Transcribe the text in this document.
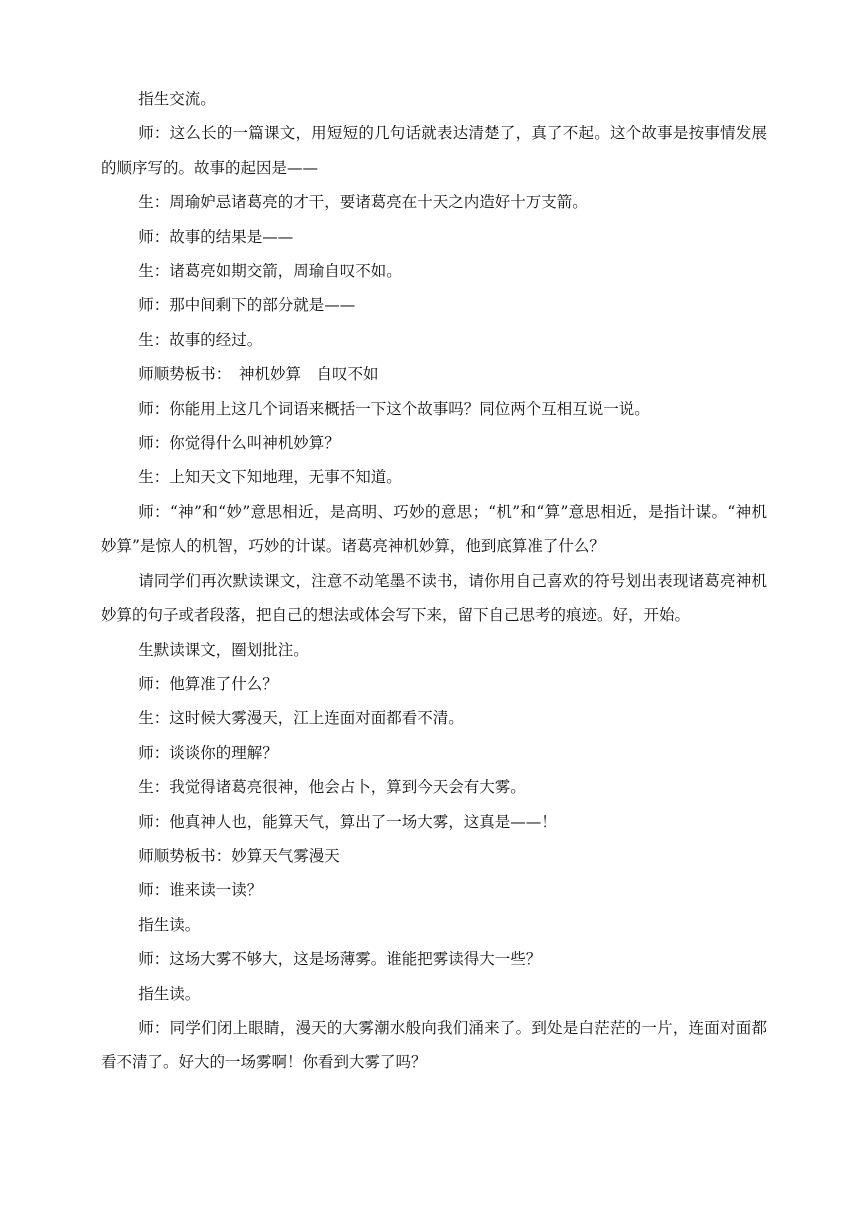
指生交流。

师：这么长的一篇课文，用短短的几句话就表达清楚了，真了不起。这个故事是按事情发展的顺序写的。故事的起因是——

生：周瑜妒忌诸葛亮的才干，要诸葛亮在十天之内造好十万支箭。

师：故事的结果是——

生：诸葛亮如期交箭，周瑜自叹不如。

师：那中间剩下的部分就是——

生：故事的经过。

师顺势板书：　神机妙算　自叹不如

师：你能用上这几个词语来概括一下这个故事吗？同位两个互相互说一说。

师：你觉得什么叫神机妙算？

生：上知天文下知地理，无事不知道。

师：“神”和“妙”意思相近，是高明、巧妙的意思；“机”和“算”意思相近，是指计谋。“神机妙算”是惊人的机智，巧妙的计谋。诸葛亮神机妙算，他到底算准了什么？

请同学们再次默读课文，注意不动笔墨不读书，请你用自己喜欢的符号划出表现诸葛亮神机妙算的句子或者段落，把自己的想法或体会写下来，留下自己思考的痕迹。好，开始。

生默读课文，圈划批注。

师：他算准了什么？

生：这时候大雾漫天，江上连面对面都看不清。

师：谈谈你的理解？

生：我觉得诸葛亮很神，他会占卜，算到今天会有大雾。

师：他真神人也，能算天气，算出了一场大雾，这真是——！

师顺势板书：妙算天气雾漫天

师：谁来读一读？

指生读。

师：这场大雾不够大，这是场薄雾。谁能把雾读得大一些？

指生读。

师：同学们闭上眼睛，漫天的大雾潮水般向我们涌来了。到处是白茫茫的一片，连面对面都看不清了。好大的一场雾啊！你看到大雾了吗？
